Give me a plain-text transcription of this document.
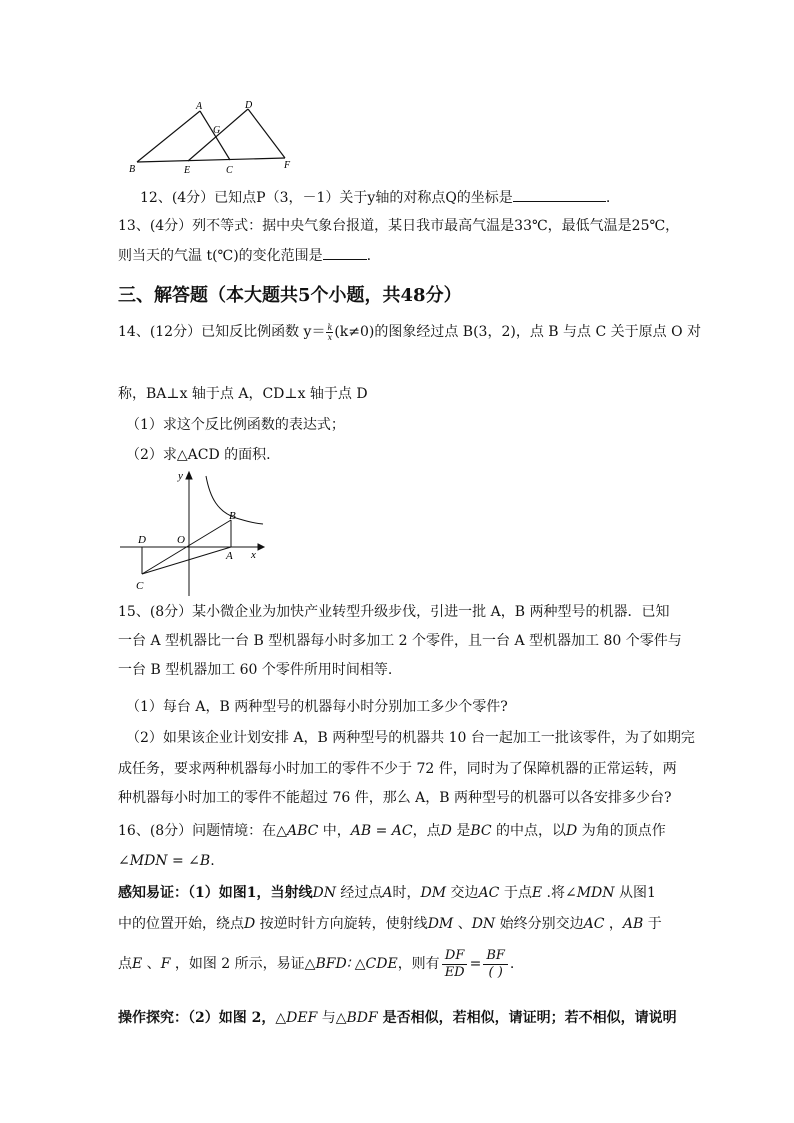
A	D
G
B	E	C	F
12、(4分）已知点P（3，－1）关于y轴的对称点Q的坐标是	.
13、(4分）列不等式：据中央气象台报道，某日我市最高气温是33℃，最低气温是25℃，
则当天的气温 t(℃)的变化范围是	.
三、解答题（本大题共5个小题，共48分）
14、(12分）已知反比例函数 $y= \frac{k}{x} (k\ne 0)$的图象经过点 B(3，2)，点 B 与点 C 关于原点 O 对
称，BA⊥x 轴于点 A，CD⊥x 轴于点 D
（1）求这个反比例函数的表达式；
（2）求△ACD 的面积.
y
x
O
B
A
D
C
15、(8分）某小微企业为加快产业转型升级步伐，引进一批 A，B 两种型号的机器．已知
一台 A 型机器比一台 B 型机器每小时多加工 2 个零件，且一台 A 型机器加工 80 个零件与
一台 B 型机器加工 60 个零件所用时间相等.
（1）每台 A，B 两种型号的机器每小时分别加工多少个零件?
（2）如果该企业计划安排 A，B 两种型号的机器共 10 台一起加工一批该零件，为了如期完
成任务，要求两种机器每小时加工的零件不少于 72 件，同时为了保障机器的正常运转，两
种机器每小时加工的零件不能超过 76 件，那么 A，B 两种型号的机器可以各安排多少台?
16、(8分）问题情境：在△ABC 中，AB = AC，点D 是BC 的中点，以D 为角的顶点作
∠MDN = ∠B.
感知易证：（1）如图1，当射线DN 经过点A时，DM 交边AC 于点E .将∠MDN 从图1
中的位置开始，绕点D 按逆时针方向旋转，使射线DM 、DN 始终分别交边AC ，AB 于
点E 、F ，如图 2 所示，易证△BFD∶ △CDE，则有 $\frac{DF}{ED} = \frac{BF}{( )}$ .
操作探究：（2）如图 2，△DEF 与△BDF 是否相似，若相似，请证明；若不相似，请说明
